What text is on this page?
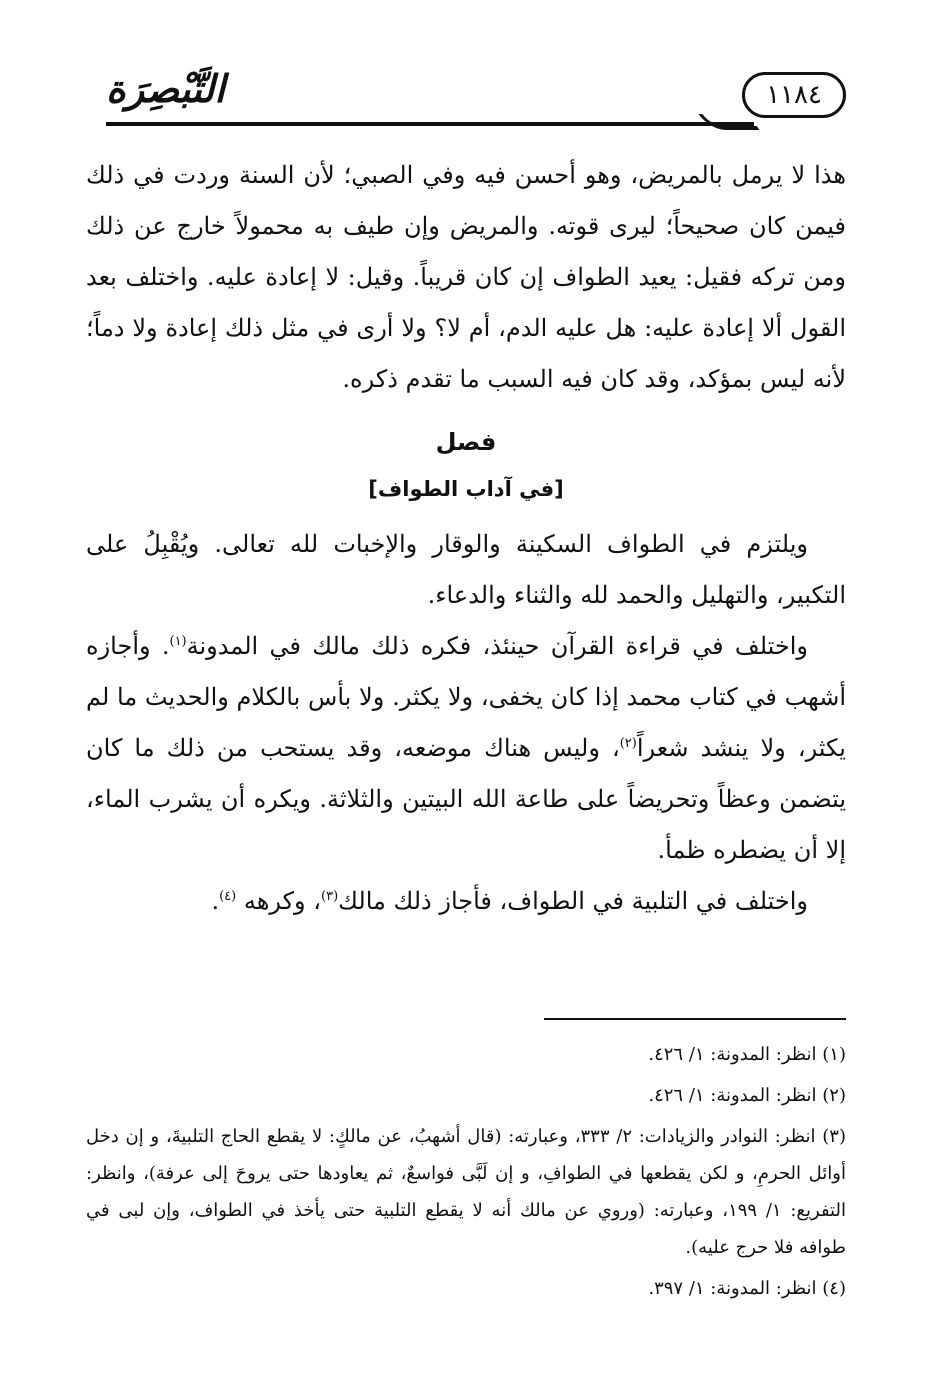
التَّبْصِرَة	١١٨٤

هذا لا يرمل بالمريض، وهو أحسن فيه وفي الصبي؛ لأن السنة وردت في ذلك فيمن كان صحيحاً؛ ليرى قوته. والمريض وإن طيف به محمولاً خارج عن ذلك ومن تركه فقيل: يعيد الطواف إن كان قريباً. وقيل: لا إعادة عليه. واختلف بعد القول ألا إعادة عليه: هل عليه الدم، أم لا؟ ولا أرى في مثل ذلك إعادة ولا دماً؛ لأنه ليس بمؤكد، وقد كان فيه السبب ما تقدم ذكره.

فصل

[في آداب الطواف]

ويلتزم في الطواف السكينة والوقار والإخبات لله تعالى. ويُقْبِلُ على التكبير، والتهليل والحمد لله والثناء والدعاء.

واختلف في قراءة القرآن حينئذ، فكره ذلك مالك في المدونة$^{(١)}$. وأجازه أشهب في كتاب محمد إذا كان يخفى، ولا يكثر. ولا بأس بالكلام والحديث ما لم يكثر، ولا ينشد شعراً$^{(٢)}$، وليس هناك موضعه، وقد يستحب من ذلك ما كان يتضمن وعظاً وتحريضاً على طاعة الله البيتين والثلاثة. ويكره أن يشرب الماء، إلا أن يضطره ظمأ.

واختلف في التلبية في الطواف، فأجاز ذلك مالك$^{(٣)}$، وكرهه $^{(٤)}$.

(١) انظر: المدونة: ١/ ٤٢٦.

(٢) انظر: المدونة: ١/ ٤٢٦.

(٣) انظر: النوادر والزيادات: ٢/ ٣٣٣، وعبارته: (قال أشهبُ، عن مالكٍ: لا يقطع الحاج التلبيةَ، و إن دخل أوائل الحرمِ، و لكن يقطعها في الطوافِ، و إن لَبَّى فواسعٌ، ثم يعاودها حتى يروحَ إلى عرفة)، وانظر: التفريع: ١/ ١٩٩، وعبارته: (وروي عن مالك أنه لا يقطع التلبية حتى يأخذ في الطواف، وإن لبى في طوافه فلا حرج عليه).

(٤) انظر: المدونة: ١/ ٣٩٧.
